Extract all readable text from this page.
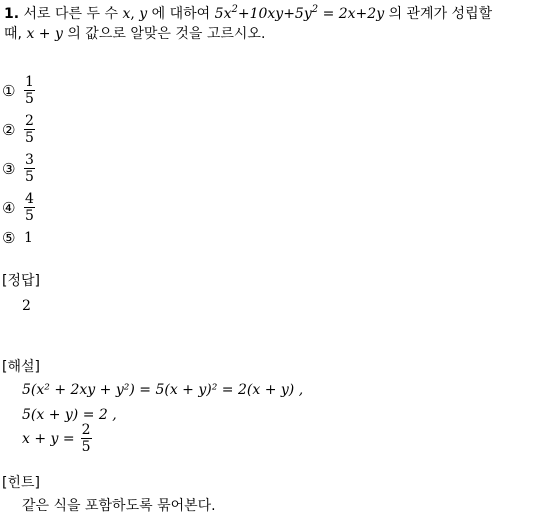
1. 서로 다른 두 수 x, y 에 대하여 $5x^2+10xy+5y^2 = 2x+2y$ 의 관계가 성립할
때, x + y 의 값으로 알맞은 것을 고르시오.
① $\frac{1}{5}$
② $\frac{2}{5}$
③ $\frac{3}{5}$
④ $\frac{4}{5}$
⑤ 1
[정답]
2
[해설]
5(x² + 2xy + y²) = 5(x + y)² = 2(x + y) ,
5(x + y) = 2 ,
$x + y = \frac{2}{5}$
[힌트]
같은 식을 포함하도록 묶어본다.
